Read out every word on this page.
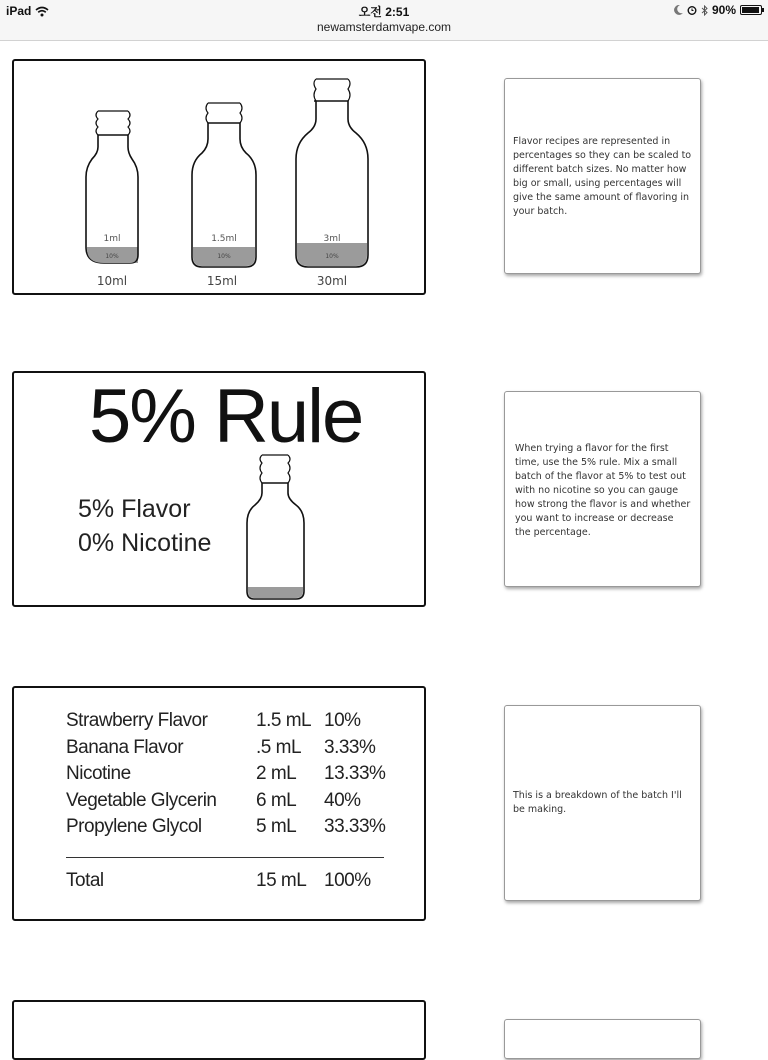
iPad	오전 2:51
newamsterdamvape.com
90%
1ml
10%
10ml
1.5ml
10%
15ml
3ml
10%
30ml

Flavor recipes are represented in percentages so they can be scaled to different batch sizes. No matter how big or small, using percentages will give the same amount of flavoring in your batch.

5% Rule
5% Flavor
0% Nicotine

When trying a flavor for the first time, use the 5% rule. Mix a small batch of the flavor at 5% to test out with no nicotine so you can gauge how strong the flavor is and whether you want to increase or decrease the percentage.

Strawberry Flavor	1.5 mL 10%
Banana Flavor	.5 mL	3.33%
Nicotine	2 mL	13.33%
Vegetable Glycerin	6 mL	40%
Propylene Glycol	5 mL	33.33%
Total	15 mL 100%

This is a breakdown of the batch I'll be making.
